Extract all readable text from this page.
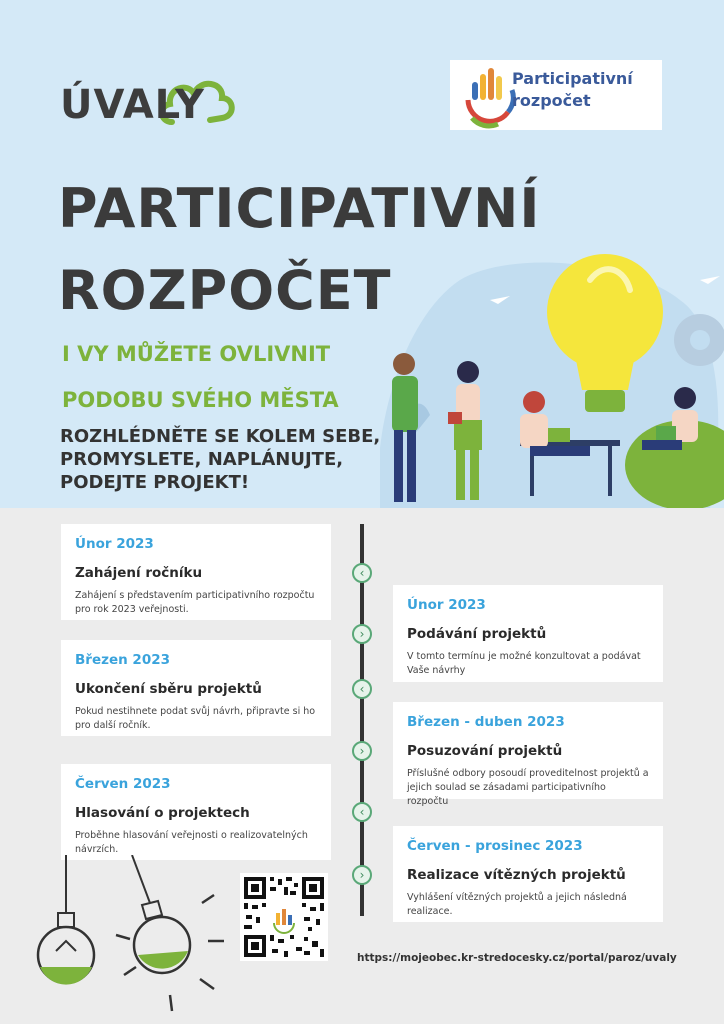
ÚVALY
Participativní
rozpočet
PARTICIPATIVNÍ
ROZPOČET
I VY MŮŽETE OVLIVNIT
PODOBU SVÉHO MĚSTA
ROZHLÉDNĚTE SE KOLEM SEBE,
PROMYSLETE, NAPLÁNUJTE,
PODEJTE PROJEKT!
‹
›
‹
›
‹
›
Únor 2023
Zahájení ročníku
Zahájení s představením participativního rozpočtu pro rok 2023 veřejnosti.	Únor 2023
Podávání projektů
V tomto termínu je možné konzultovat a podávat Vaše návrhy
Březen 2023
Ukončení sběru projektů
Pokud nestihnete podat svůj návrh, připravte si ho pro další ročník.	Březen - duben 2023
Posuzování projektů
Příslušné odbory posoudí proveditelnost projektů a jejich soulad se zásadami participativního rozpočtu
Červen 2023
Hlasování o projektech
Proběhne hlasování veřejnosti o realizovatelných návrzích.	Červen - prosinec 2023
Realizace vítězných projektů
Vyhlášení vítězných projektů a jejich následná realizace.
https://mojeobec.kr-stredocesky.cz/portal/paroz/uvaly
